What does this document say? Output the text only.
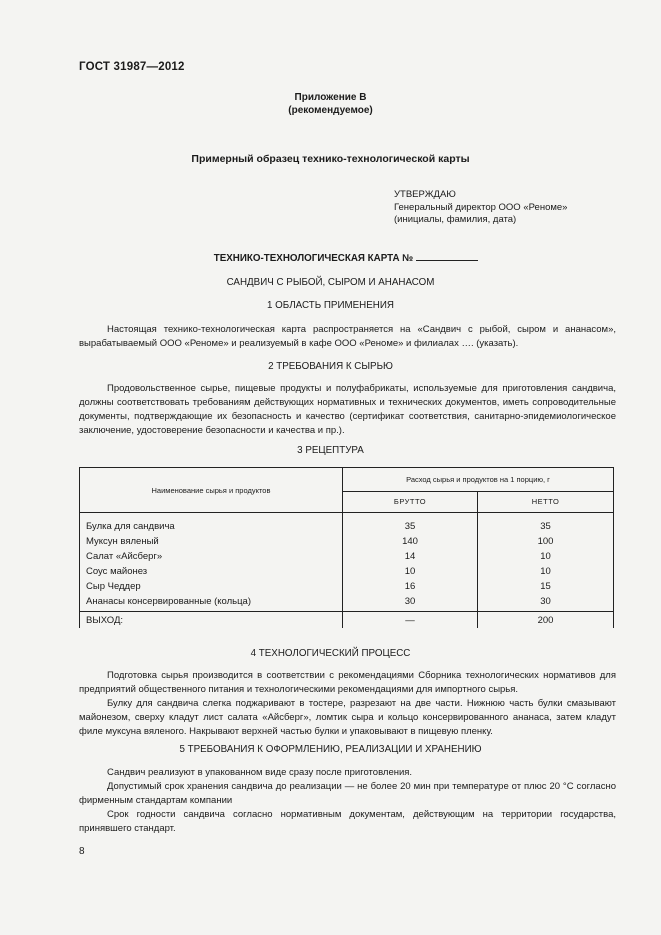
ГОСТ 31987—2012
Приложение В
(рекомендуемое)
Примерный образец технико-технологической карты
УТВЕРЖДАЮ
Генеральный директор ООО «Реноме»
(инициалы, фамилия, дата)
ТЕХНИКО-ТЕХНОЛОГИЧЕСКАЯ КАРТА №
САНДВИЧ С РЫБОЙ, СЫРОМ И АНАНАСОМ
1 ОБЛАСТЬ ПРИМЕНЕНИЯ

Настоящая технико-технологическая карта распространяется на «Сандвич с рыбой, сыром и ананасом», вырабатываемый ООО «Реноме» и реализуемый в кафе ООО «Реноме» и филиалах …. (указать).

2 ТРЕБОВАНИЯ К СЫРЬЮ

Продовольственное сырье, пищевые продукты и полуфабрикаты, используемые для приготовления сандвича, должны соответствовать требованиям действующих нормативных и технических документов, иметь сопроводительные документы, подтверждающие их безопасность и качество (сертификат соответствия, санитарно-эпидемиологическое заключение, удостоверение безопасности и качества и пр.).

3 РЕЦЕПТУРА
Наименование сырья и продуктов	Расход сырья и продуктов на 1 порцию, г	
	БРУТТО	НЕТТО
Булка для сандвича	35	35
Муксун вяленый	140	100
Салат «Айсберг»	14	10
Соус майонез	10	10
Сыр Чеддер	16	15
Ананасы консервированные (кольца)	30	30
ВЫХОД:	—	200
4 ТЕХНОЛОГИЧЕСКИЙ ПРОЦЕСС

Подготовка сырья производится в соответствии с рекомендациями Сборника технологических нормативов для предприятий общественного питания и технологическими рекомендациями для импортного сырья.

Булку для сандвича слегка поджаривают в тостере, разрезают на две части. Нижнюю часть булки смазывают майонезом, сверху кладут лист салата «Айсберг», ломтик сыра и кольцо консервированного ананаса, затем кладут филе муксуна вяленого. Накрывают верхней частью булки и упаковывают в пищевую пленку.

5 ТРЕБОВАНИЯ К ОФОРМЛЕНИЮ, РЕАЛИЗАЦИИ И ХРАНЕНИЮ

Сандвич реализуют в упакованном виде сразу после приготовления.

Допустимый срок хранения сандвича до реализации — не более 20 мин при температуре от плюс 20 °С согласно фирменным стандартам компании

Срок годности сандвича согласно нормативным документам, действующим на территории государства, принявшего стандарт.

8
